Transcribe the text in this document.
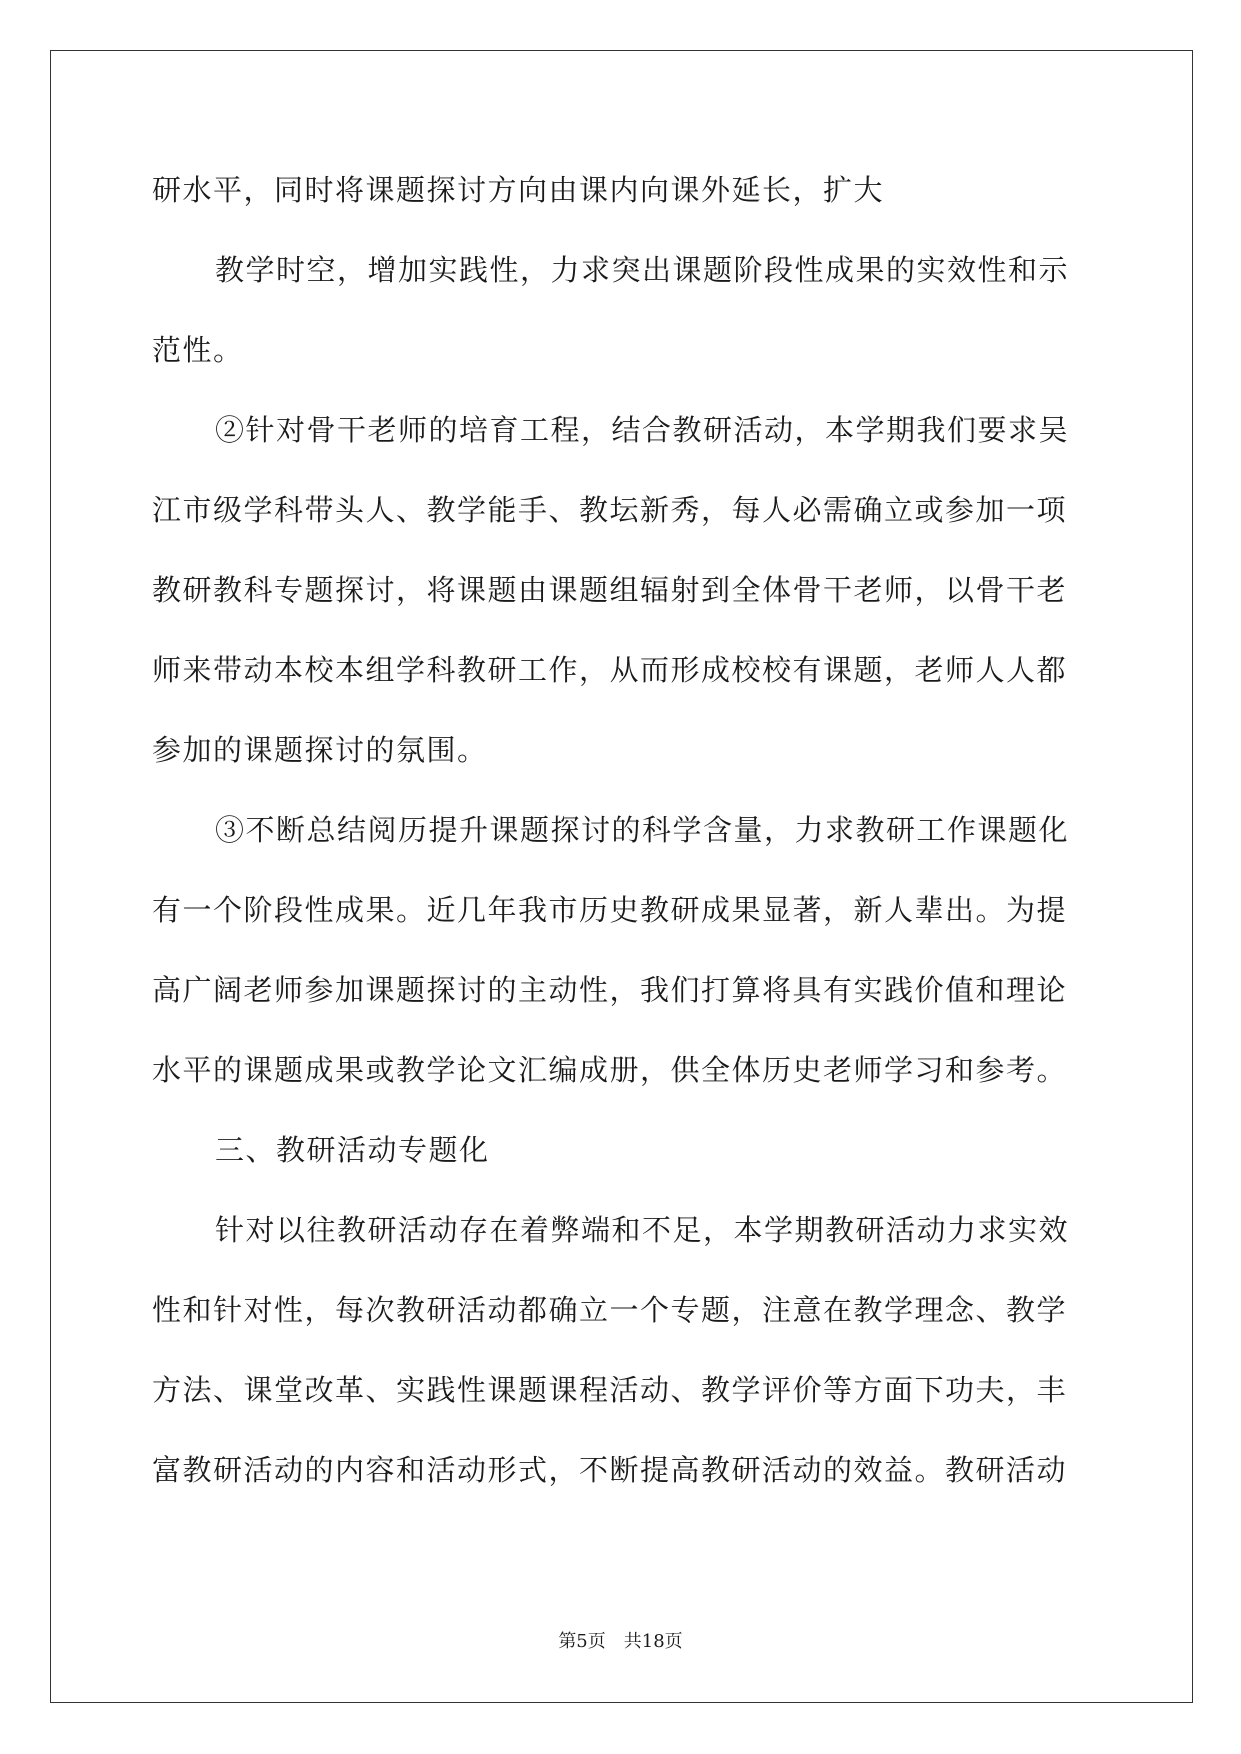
研水平，同时将课题探讨方向由课内向课外延长，扩大
教学时空，增加实践性，力求突出课题阶段性成果的实效性和示
范性。
②针对骨干老师的培育工程，结合教研活动，本学期我们要求吴
江市级学科带头人、教学能手、教坛新秀，每人必需确立或参加一项
教研教科专题探讨，将课题由课题组辐射到全体骨干老师，以骨干老
师来带动本校本组学科教研工作，从而形成校校有课题，老师人人都
参加的课题探讨的氛围。
③不断总结阅历提升课题探讨的科学含量，力求教研工作课题化
有一个阶段性成果。近几年我市历史教研成果显著，新人辈出。为提
高广阔老师参加课题探讨的主动性，我们打算将具有实践价值和理论
水平的课题成果或教学论文汇编成册，供全体历史老师学习和参考。
三、教研活动专题化
针对以往教研活动存在着弊端和不足，本学期教研活动力求实效
性和针对性，每次教研活动都确立一个专题，注意在教学理念、教学
方法、课堂改革、实践性课题课程活动、教学评价等方面下功夫，丰
富教研活动的内容和活动形式，不断提高教研活动的效益。教研活动
第5页　共18页
